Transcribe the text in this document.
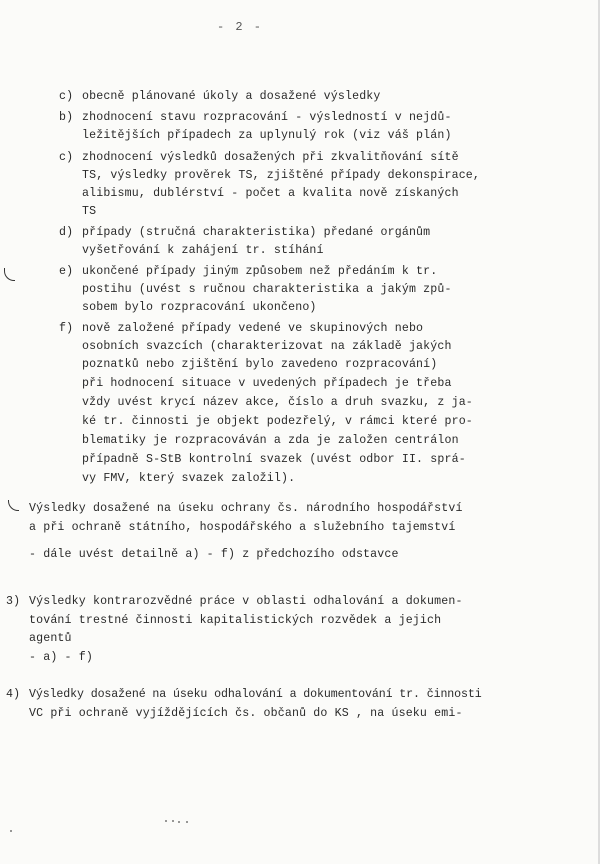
- 2 -
c) obecně plánované úkoly a dosažené výsledky
b) zhodnocení stavu rozpracování - výsledností v nejdů-
ležitějších případech za uplynulý rok (viz váš plán)
c) zhodnocení výsledků dosažených při zkvalitňování sítě
TS, výsledky prověrek TS, zjištěné případy dekonspirace,
alibismu, dublérství - počet a kvalita nově získaných
TS
d) případy (stručná charakteristika) předané orgánům
vyšetřování k zahájení tr. stíhání
e) ukončené případy jiným způsobem než předáním k tr.
postihu (uvést s ručnou charakteristika a jakým způ-
sobem bylo rozpracování ukončeno)
f) nově založené případy vedené ve skupinových nebo
osobních svazcích (charakterizovat na základě jakých
poznatků nebo zjištění bylo zavedeno rozpracování)
při hodnocení situace v uvedených případech je třeba
vždy uvést krycí název akce, číslo a druh svazku, z ja-
ké tr. činnosti je objekt podezřelý, v rámci které pro-
blematiky je rozpracováván a zda je založen centrálon
případně S-StB kontrolní svazek (uvést odbor II. sprá-
vy FMV, který svazek založil).
Výsledky dosažené na úseku ochrany čs. národního hospodářství
a při ochraně státního, hospodářského a služebního tajemství
- dále uvést detailně a) - f) z předchozího odstavce
3) Výsledky kontrarozvědné práce v oblasti odhalování a dokumen-
tování trestné činnosti kapitalistických rozvědek a jejich
agentů
- a) - f)
4) Výsledky dosažené na úseku odhalování a dokumentování tr. činnosti
VC při ochraně vyjíždějících čs. občanů do KS , na úseku emi-
